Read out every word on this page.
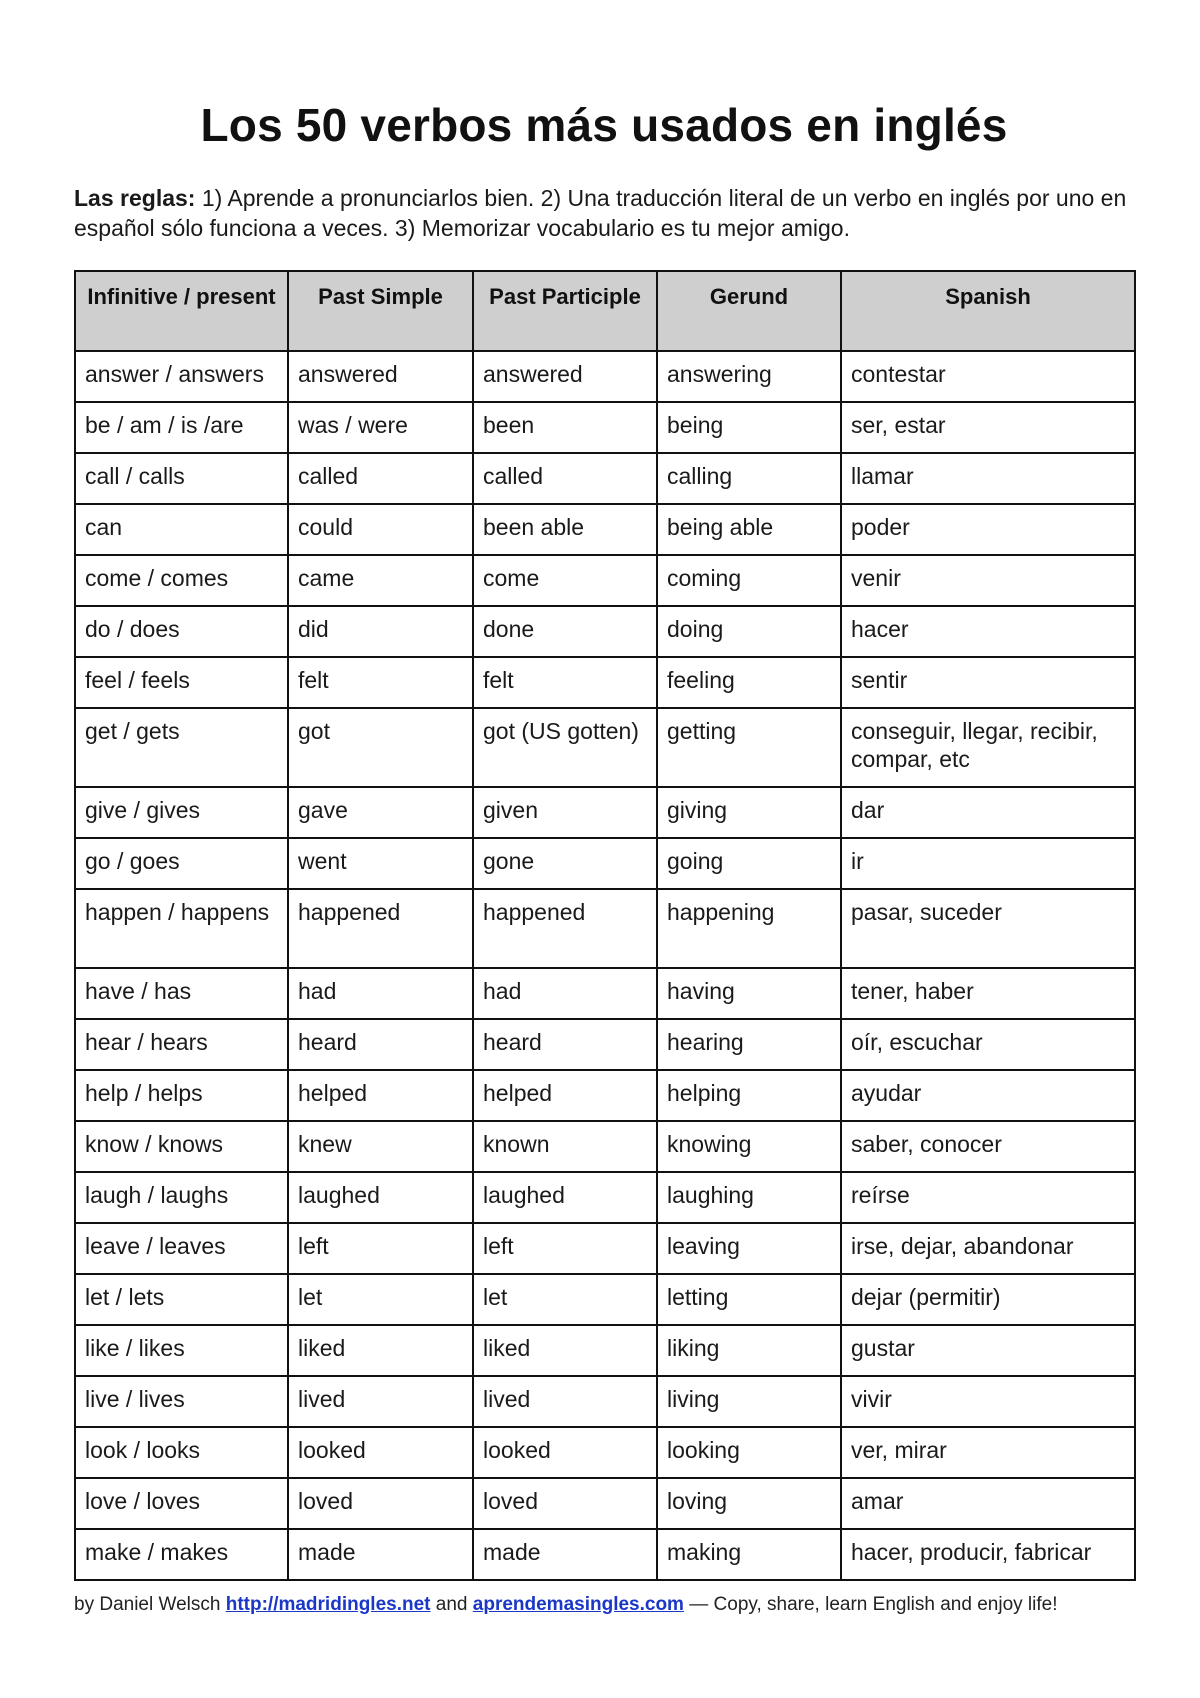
Los 50 verbos más usados en inglés

Las reglas: 1) Aprende a pronunciarlos bien. 2) Una traducción literal de un verbo en inglés por uno en español sólo funciona a veces. 3) Memorizar vocabulario es tu mejor amigo.

Infinitive / present	Past Simple	Past Participle	Gerund	Spanish
answer / answers	answered	answered	answering	contestar
be / am / is /are	was / were	been	being	ser, estar
call / calls	called	called	calling	llamar
can	could	been able	being able	poder
come / comes	came	come	coming	venir
do / does	did	done	doing	hacer
feel / feels	felt	felt	feeling	sentir
get / gets	got	got (US gotten)	getting	conseguir, llegar, recibir, compar, etc
give / gives	gave	given	giving	dar
go / goes	went	gone	going	ir
happen / happens	happened	happened	happening	pasar, suceder
have / has	had	had	having	tener, haber
hear / hears	heard	heard	hearing	oír, escuchar
help / helps	helped	helped	helping	ayudar
know / knows	knew	known	knowing	saber, conocer
laugh / laughs	laughed	laughed	laughing	reírse
leave / leaves	left	left	leaving	irse, dejar, abandonar
let / lets	let	let	letting	dejar (permitir)
like / likes	liked	liked	liking	gustar
live / lives	lived	lived	living	vivir
look / looks	looked	looked	looking	ver, mirar
love / loves	loved	loved	loving	amar
make / makes	made	made	making	hacer, producir, fabricar
by Daniel Welsch http://madridingles.net and aprendemasingles.com — Copy, share, learn English and enjoy life!
